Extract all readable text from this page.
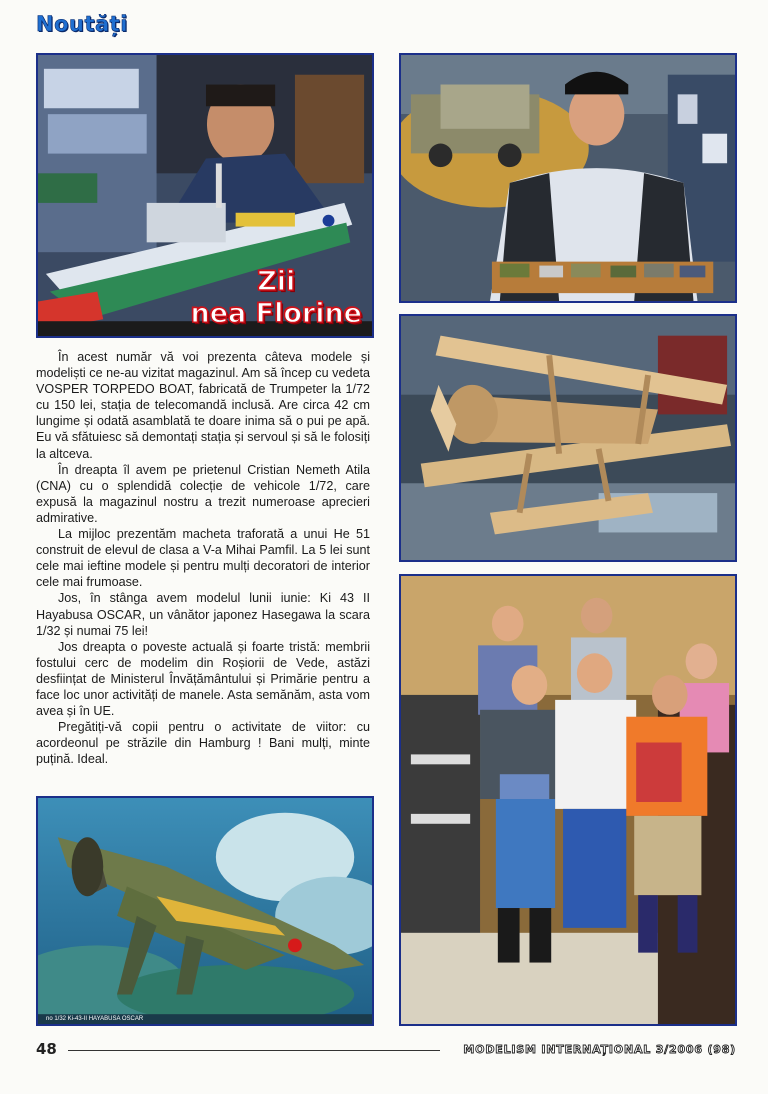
Noutăți
Zii
nea Florine
no 1/32 Ki-43-II HAYABUSA OSCAR

În acest număr vă voi prezenta câteva modele și modeliști ce ne-au vizitat magazinul. Am să încep cu vedeta VOSPER TORPEDO BOAT, fabricată de Trumpeter la 1/72 cu 150 lei, stația de telecomandă inclusă. Are circa 42 cm lungime și odată asamblată te doare inima să o pui pe apă. Eu vă sfătuiesc să demontați stația și servoul și să le folosiți la altceva.

În dreapta îl avem pe prietenul Cristian Nemeth Atila (CNA) cu o splendidă colecție de vehicole 1/72, care expusă la magazinul nostru a trezit numeroase aprecieri admirative.

La mijloc prezentăm macheta traforată a unui He 51 construit de elevul de clasa a V-a Mihai Pamfil. La 5 lei sunt cele mai ieftine modele și pentru mulți decoratori de interior cele mai frumoase.

Jos, în stânga avem modelul lunii iunie: Ki 43 II Hayabusa OSCAR, un vânător japonez Hasegawa la scara 1/32 și numai 75 lei!

Jos dreapta o poveste actuală și foarte tristă: membrii fostului cerc de modelim din Roșiorii de Vede, astăzi desființat de Ministerul Învățământului și Primărie pentru a face loc unor activități de manele. Asta semănăm, asta vom avea și în UE.

Pregătiți-vă copii pentru o activitate de viitor: cu acordeonul pe străzile din Hamburg ! Bani mulți, minte puțină. Ideal.

48	MODELISM INTERNAȚIONAL 3/2006 (98)
